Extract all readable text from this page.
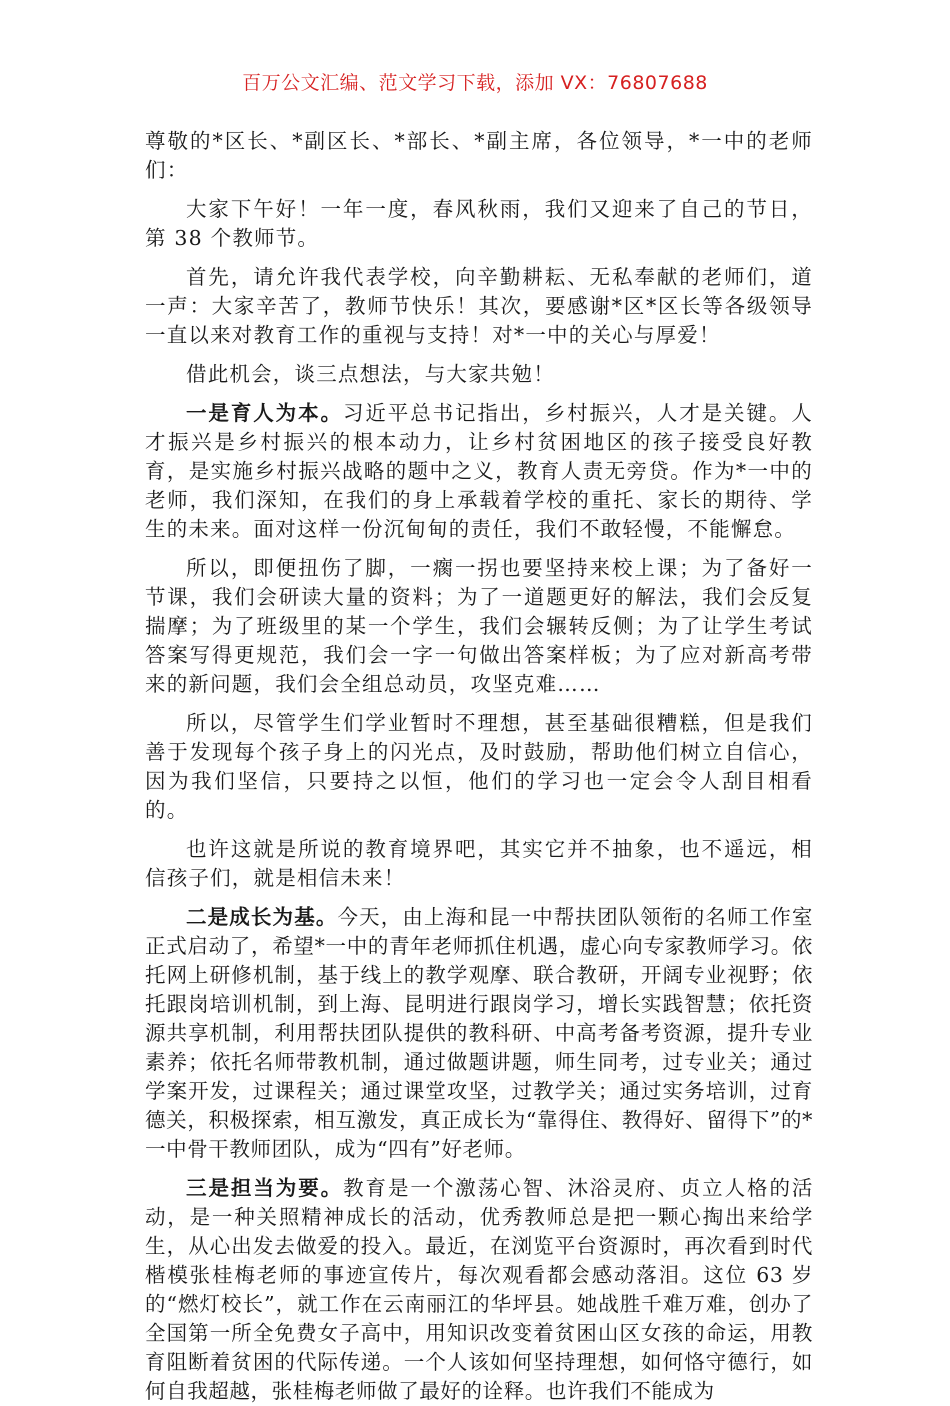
百万公文汇编、范文学习下载，添加 VX：76807688

尊敬的*区长、*副区长、*部长、*副主席，各位领导，*一中的老师们：

大家下午好！一年一度，春风秋雨，我们又迎来了自己的节日，第 38 个教师节。

首先，请允许我代表学校，向辛勤耕耘、无私奉献的老师们，道一声：大家辛苦了，教师节快乐！其次，要感谢*区*区长等各级领导一直以来对教育工作的重视与支持！对*一中的关心与厚爱！

借此机会，谈三点想法，与大家共勉！

一是育人为本。习近平总书记指出，乡村振兴，人才是关键。人才振兴是乡村振兴的根本动力，让乡村贫困地区的孩子接受良好教育，是实施乡村振兴战略的题中之义，教育人责无旁贷。作为*一中的老师，我们深知，在我们的身上承载着学校的重托、家长的期待、学生的未来。面对这样一份沉甸甸的责任，我们不敢轻慢，不能懈怠。

所以，即便扭伤了脚，一瘸一拐也要坚持来校上课；为了备好一节课，我们会研读大量的资料；为了一道题更好的解法，我们会反复揣摩；为了班级里的某一个学生，我们会辗转反侧；为了让学生考试答案写得更规范，我们会一字一句做出答案样板；为了应对新高考带来的新问题，我们会全组总动员，攻坚克难……

所以，尽管学生们学业暂时不理想，甚至基础很糟糕，但是我们善于发现每个孩子身上的闪光点，及时鼓励，帮助他们树立自信心，因为我们坚信，只要持之以恒，他们的学习也一定会令人刮目相看的。

也许这就是所说的教育境界吧，其实它并不抽象，也不遥远，相信孩子们，就是相信未来！

二是成长为基。今天，由上海和昆一中帮扶团队领衔的名师工作室正式启动了，希望*一中的青年老师抓住机遇，虚心向专家教师学习。依托网上研修机制，基于线上的教学观摩、联合教研，开阔专业视野；依托跟岗培训机制，到上海、昆明进行跟岗学习，增长实践智慧；依托资源共享机制，利用帮扶团队提供的教科研、中高考备考资源，提升专业素养；依托名师带教机制，通过做题讲题，师生同考，过专业关；通过学案开发，过课程关；通过课堂攻坚，过教学关；通过实务培训，过育德关，积极探索，相互激发，真正成长为“靠得住、教得好、留得下”的*一中骨干教师团队，成为“四有”好老师。

三是担当为要。教育是一个激荡心智、沐浴灵府、贞立人格的活动，是一种关照精神成长的活动，优秀教师总是把一颗心掏出来给学生，从心出发去做爱的投入。最近，在浏览平台资源时，再次看到时代楷模张桂梅老师的事迹宣传片，每次观看都会感动落泪。这位 63 岁的“燃灯校长”，就工作在云南丽江的华坪县。她战胜千难万难，创办了全国第一所全免费女子高中，用知识改变着贫困山区女孩的命运，用教育阻断着贫困的代际传递。一个人该如何坚持理想，如何恪守德行，如何自我超越，张桂梅老师做了最好的诠释。也许我们不能成为
